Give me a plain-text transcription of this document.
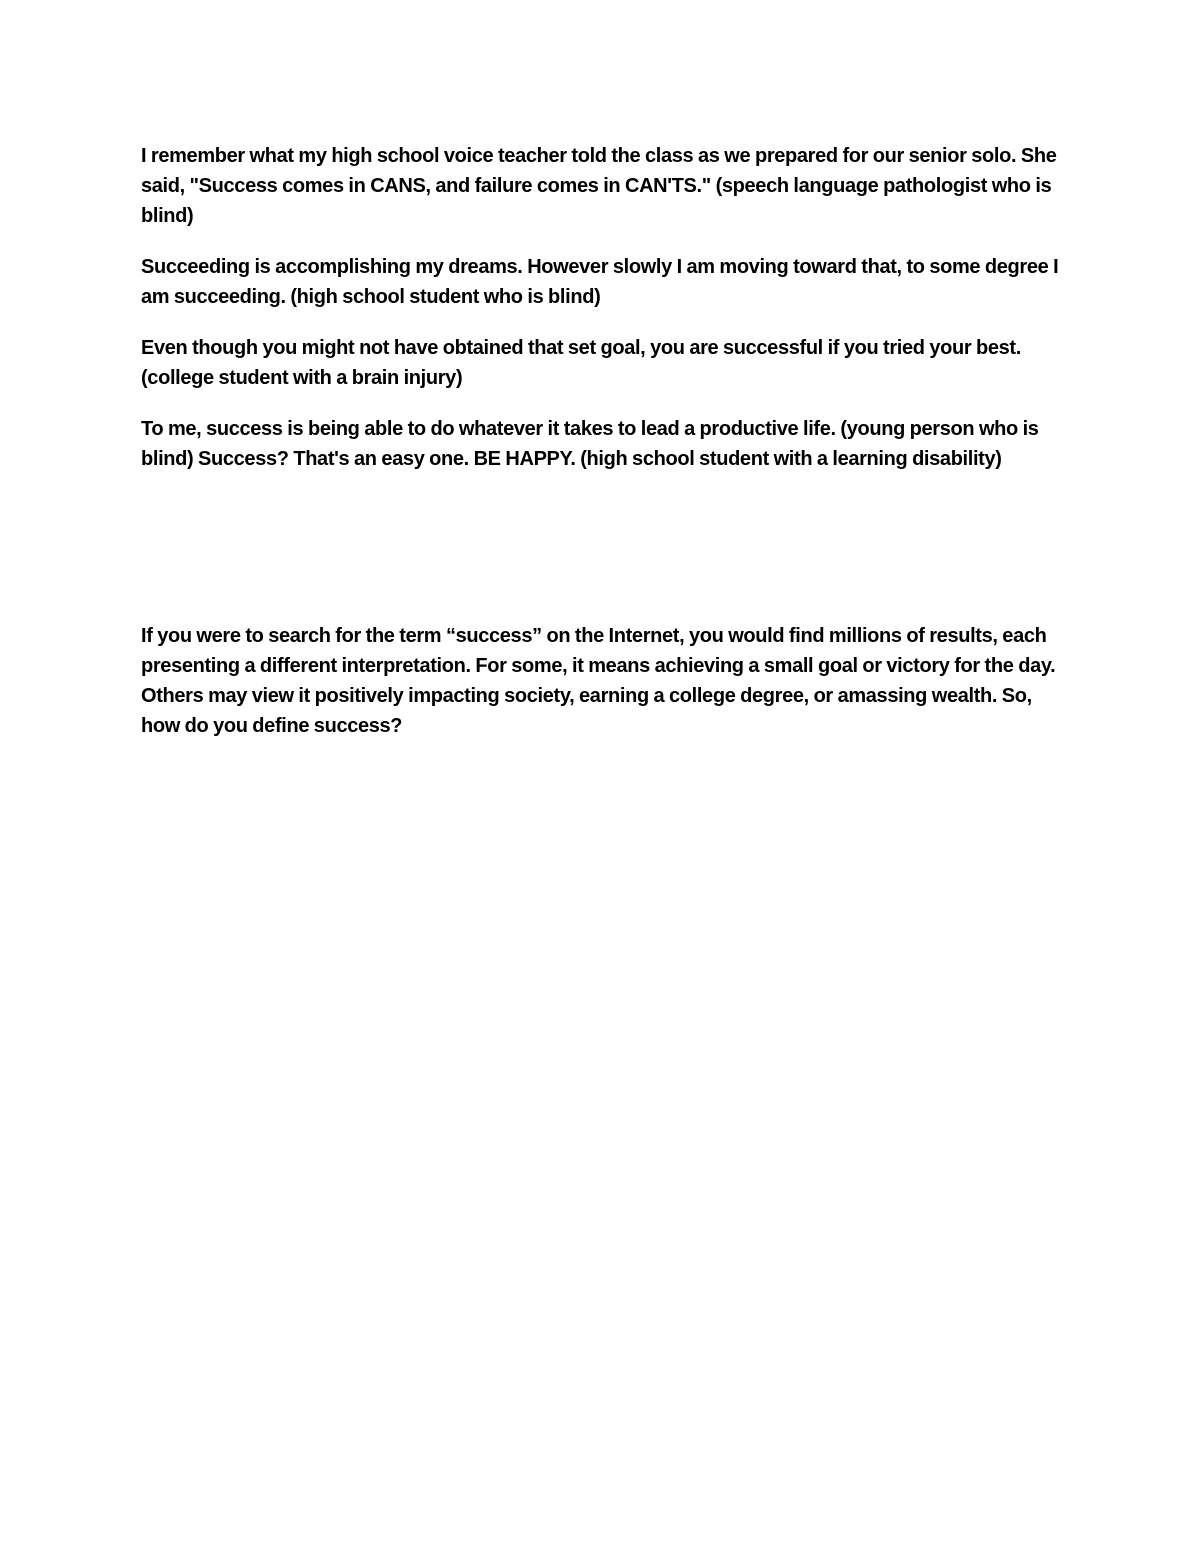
I remember what my high school voice teacher told the class as we prepared for our senior solo. She said, "Success comes in CANS, and failure comes in CAN'TS." (speech language pathologist who is blind)

Succeeding is accomplishing my dreams. However slowly I am moving toward that, to some degree I am succeeding. (high school student who is blind)

Even though you might not have obtained that set goal, you are successful if you tried your best. (college student with a brain injury)

To me, success is being able to do whatever it takes to lead a productive life. (young person who is blind) Success? That's an easy one. BE HAPPY. (high school student with a learning disability)

If you were to search for the term “success” on the Internet, you would find millions of results, each presenting a different interpretation. For some, it means achieving a small goal or victory for the day. Others may view it positively impacting society, earning a college degree, or amassing wealth. So, how do you define success?
